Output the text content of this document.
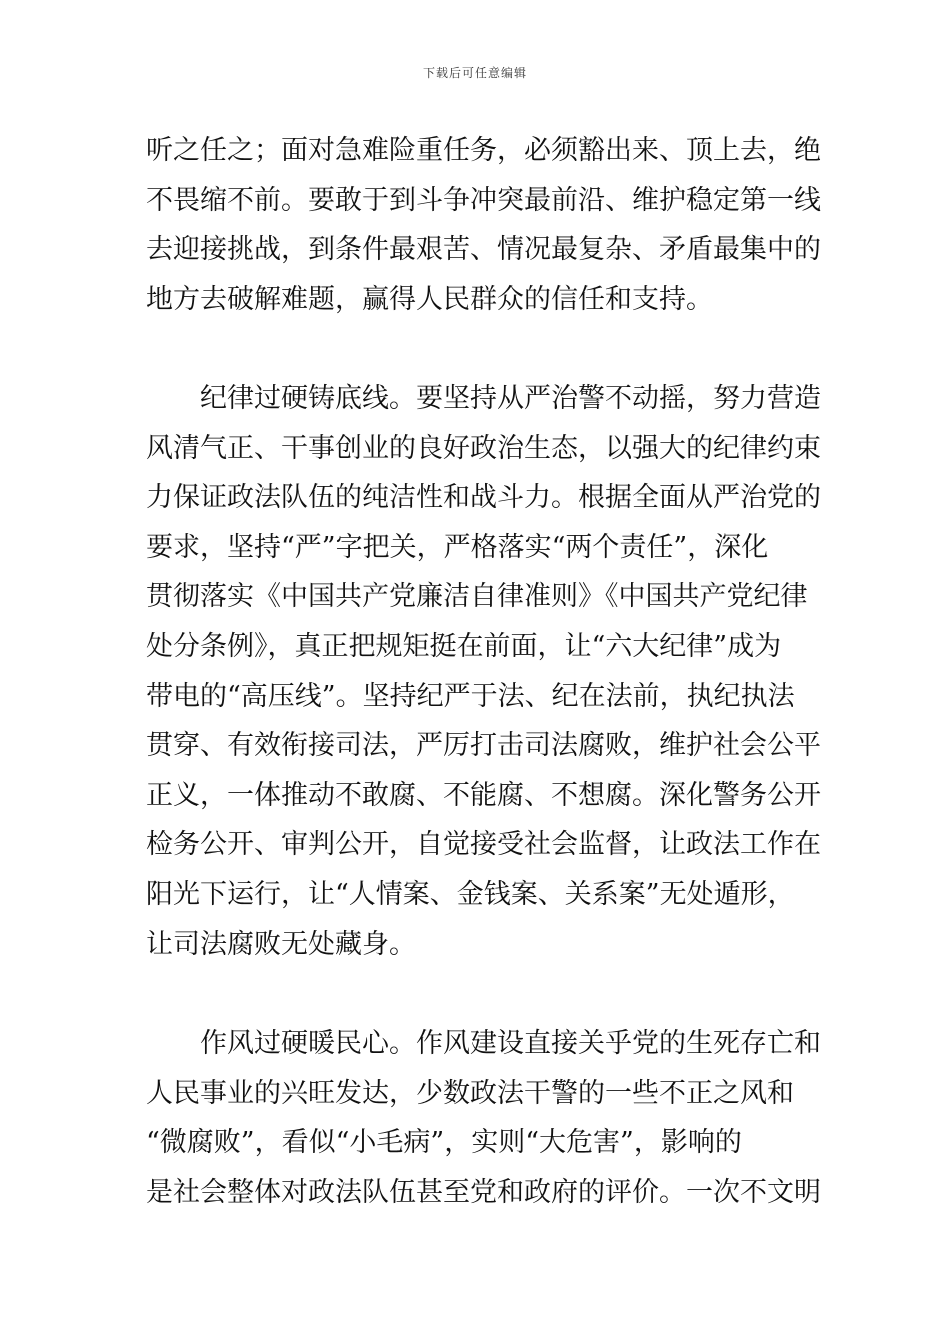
下载后可任意编辑
听之任之；面对急难险重任务，必须豁出来、顶上去，绝
不畏缩不前。要敢于到斗争冲突最前沿、维护稳定第一线
去迎接挑战，到条件最艰苦、情况最复杂、矛盾最集中的
地方去破解难题，赢得人民群众的信任和支持。
纪律过硬铸底线。要坚持从严治警不动摇，努力营造
风清气正、干事创业的良好政治生态，以强大的纪律约束
力保证政法队伍的纯洁性和战斗力。根据全面从严治党的
要求，坚持“严”字把关，严格落实“两个责任”，深化
贯彻落实《中国共产党廉洁自律准则》《中国共产党纪律
处分条例》，真正把规矩挺在前面，让“六大纪律”成为
带电的“高压线”。坚持纪严于法、纪在法前，执纪执法
贯穿、有效衔接司法，严厉打击司法腐败，维护社会公平
正义，一体推动不敢腐、不能腐、不想腐。深化警务公开
检务公开、审判公开，自觉接受社会监督，让政法工作在
阳光下运行，让“人情案、金钱案、关系案”无处遁形，
让司法腐败无处藏身。
作风过硬暖民心。作风建设直接关乎党的生死存亡和
人民事业的兴旺发达，少数政法干警的一些不正之风和
“微腐败”，看似“小毛病”，实则“大危害”，影响的
是社会整体对政法队伍甚至党和政府的评价。一次不文明
